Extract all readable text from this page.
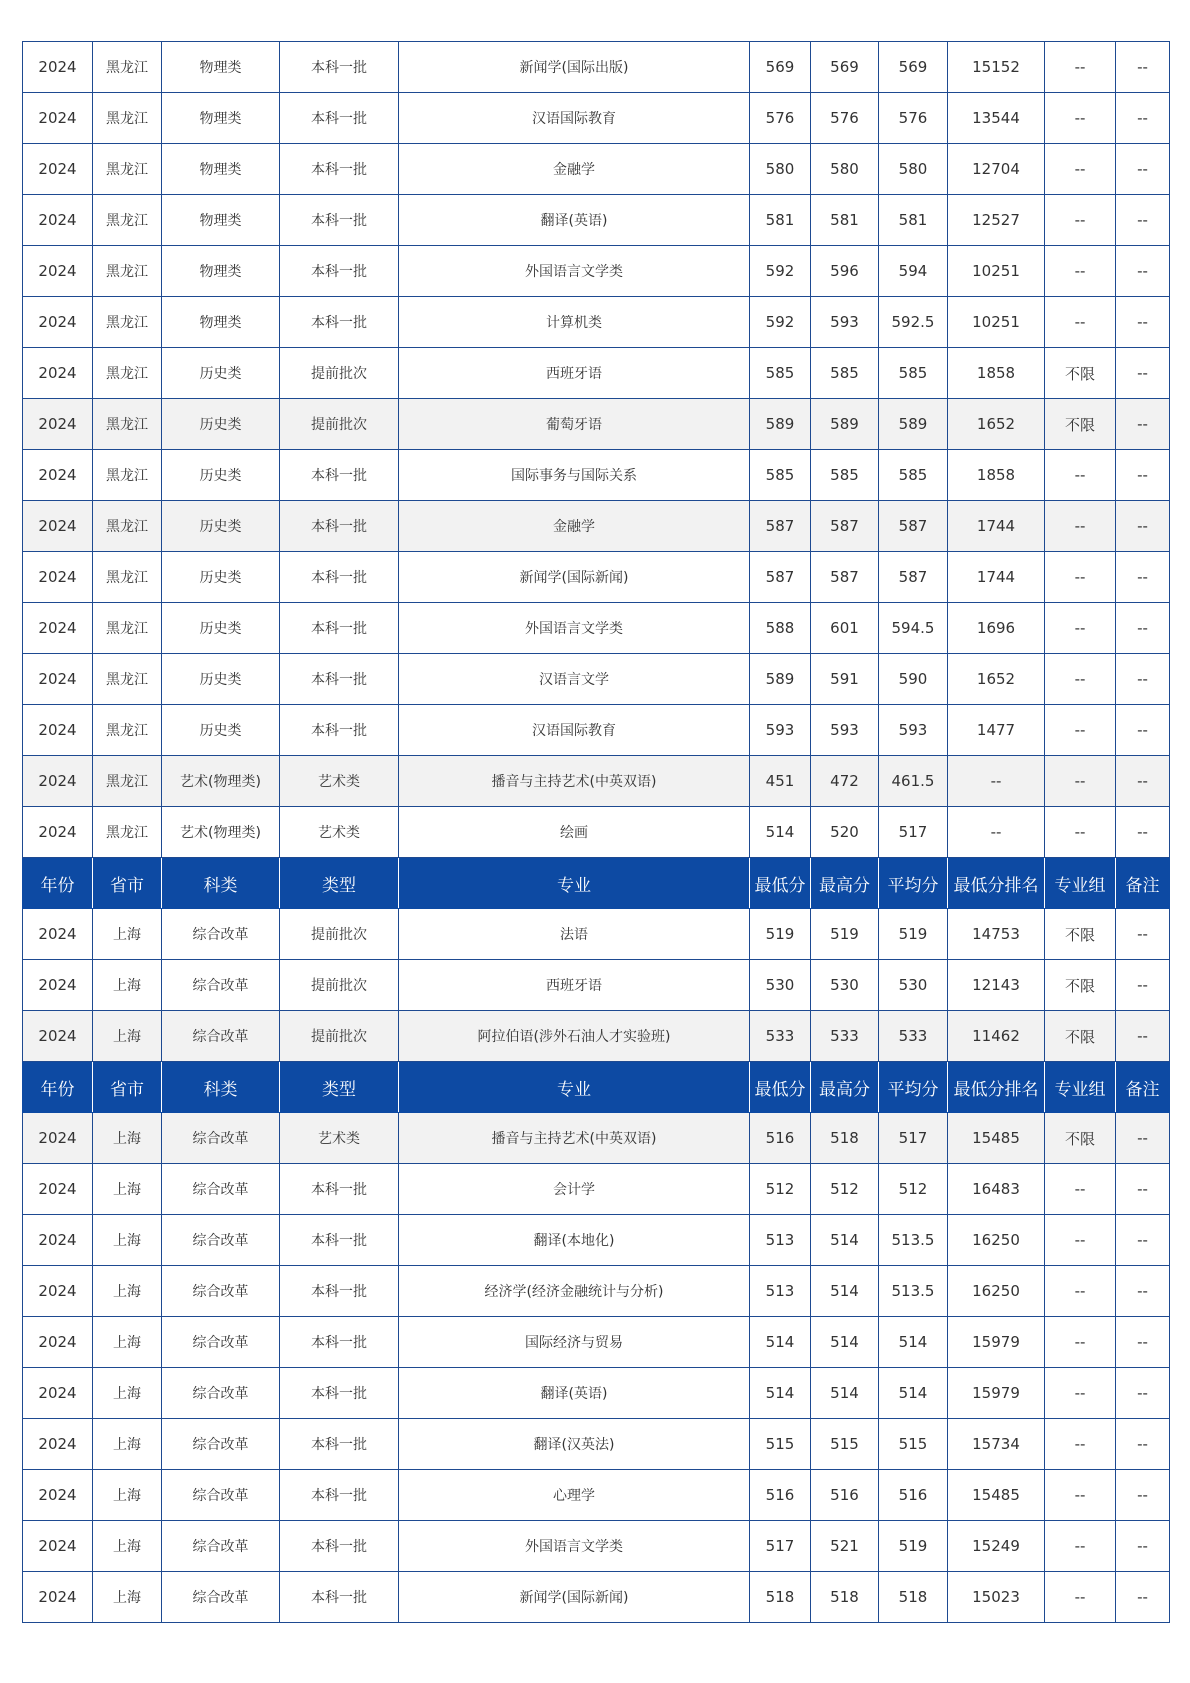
2024	黑龙江	物理类	本科一批	新闻学(国际出版)	569	569	569	15152	--	--
2024	黑龙江	物理类	本科一批	汉语国际教育	576	576	576	13544	--	--
2024	黑龙江	物理类	本科一批	金融学	580	580	580	12704	--	--
2024	黑龙江	物理类	本科一批	翻译(英语)	581	581	581	12527	--	--
2024	黑龙江	物理类	本科一批	外国语言文学类	592	596	594	10251	--	--
2024	黑龙江	物理类	本科一批	计算机类	592	593	592.5	10251	--	--
2024	黑龙江	历史类	提前批次	西班牙语	585	585	585	1858	不限	--
2024	黑龙江	历史类	提前批次	葡萄牙语	589	589	589	1652	不限	--
2024	黑龙江	历史类	本科一批	国际事务与国际关系	585	585	585	1858	--	--
2024	黑龙江	历史类	本科一批	金融学	587	587	587	1744	--	--
2024	黑龙江	历史类	本科一批	新闻学(国际新闻)	587	587	587	1744	--	--
2024	黑龙江	历史类	本科一批	外国语言文学类	588	601	594.5	1696	--	--
2024	黑龙江	历史类	本科一批	汉语言文学	589	591	590	1652	--	--
2024	黑龙江	历史类	本科一批	汉语国际教育	593	593	593	1477	--	--
2024	黑龙江	艺术(物理类)	艺术类	播音与主持艺术(中英双语)	451	472	461.5	--	--	--
2024	黑龙江	艺术(物理类)	艺术类	绘画	514	520	517	--	--	--
年份	省市	科类	类型	专业	最低分	最高分	平均分	最低分排名	专业组	备注
2024	上海	综合改革	提前批次	法语	519	519	519	14753	不限	--
2024	上海	综合改革	提前批次	西班牙语	530	530	530	12143	不限	--
2024	上海	综合改革	提前批次	阿拉伯语(涉外石油人才实验班)	533	533	533	11462	不限	--
年份	省市	科类	类型	专业	最低分	最高分	平均分	最低分排名	专业组	备注
2024	上海	综合改革	艺术类	播音与主持艺术(中英双语)	516	518	517	15485	不限	--
2024	上海	综合改革	本科一批	会计学	512	512	512	16483	--	--
2024	上海	综合改革	本科一批	翻译(本地化)	513	514	513.5	16250	--	--
2024	上海	综合改革	本科一批	经济学(经济金融统计与分析)	513	514	513.5	16250	--	--
2024	上海	综合改革	本科一批	国际经济与贸易	514	514	514	15979	--	--
2024	上海	综合改革	本科一批	翻译(英语)	514	514	514	15979	--	--
2024	上海	综合改革	本科一批	翻译(汉英法)	515	515	515	15734	--	--
2024	上海	综合改革	本科一批	心理学	516	516	516	15485	--	--
2024	上海	综合改革	本科一批	外国语言文学类	517	521	519	15249	--	--
2024	上海	综合改革	本科一批	新闻学(国际新闻)	518	518	518	15023	--	--
